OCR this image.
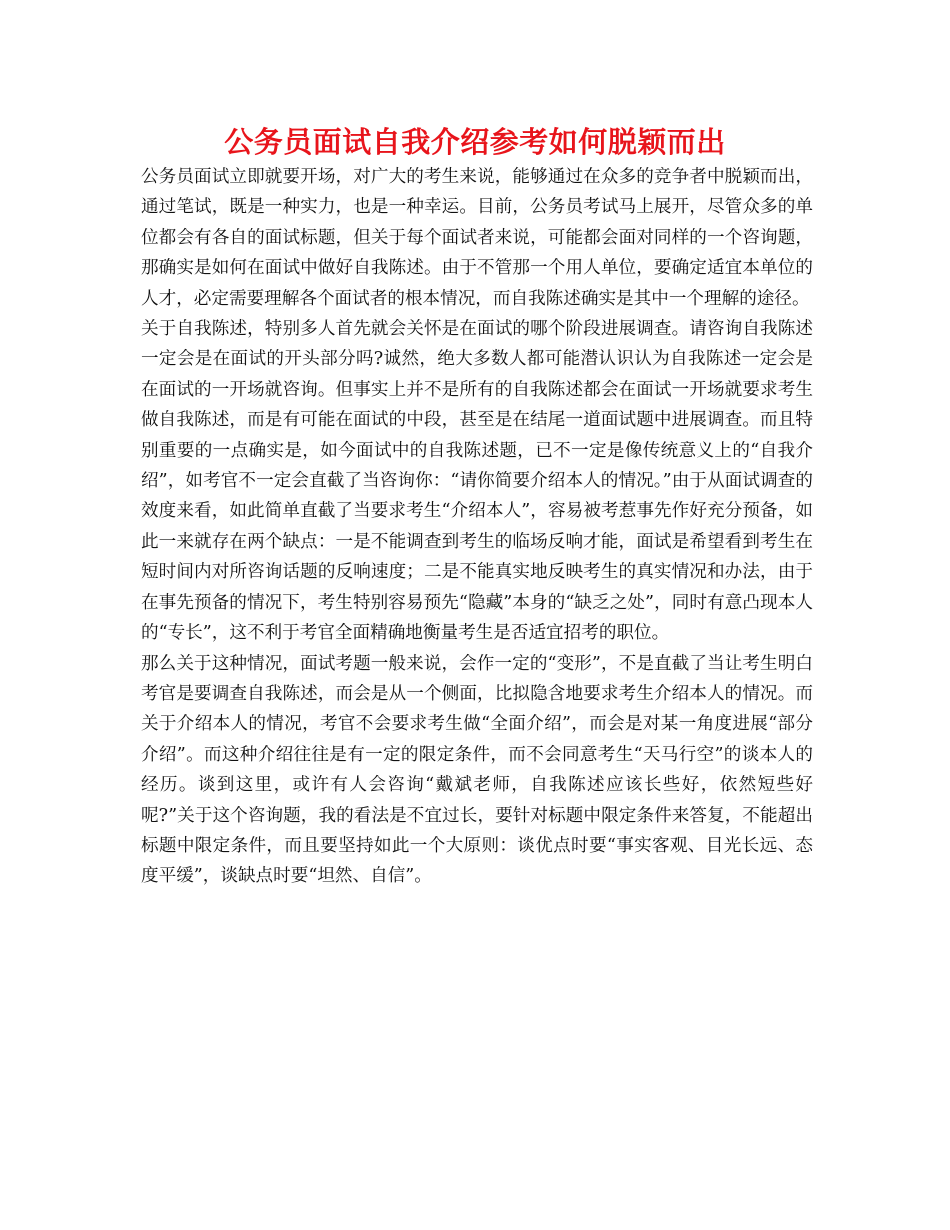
公务员面试自我介绍参考如何脱颖而出

公务员面试立即就要开场，对广大的考生来说，能够通过在众多的竞争者中脱颖而出，通过笔试，既是一种实力，也是一种幸运。目前，公务员考试马上展开，尽管众多的单位都会有各自的面试标题，但关于每个面试者来说，可能都会面对同样的一个咨询题，那确实是如何在面试中做好自我陈述。由于不管那一个用人单位，要确定适宜本单位的人才，必定需要理解各个面试者的根本情况，而自我陈述确实是其中一个理解的途径。

关于自我陈述，特别多人首先就会关怀是在面试的哪个阶段进展调查。请咨询自我陈述一定会是在面试的开头部分吗?诚然，绝大多数人都可能潜认识认为自我陈述一定会是在面试的一开场就咨询。但事实上并不是所有的自我陈述都会在面试一开场就要求考生做自我陈述，而是有可能在面试的中段，甚至是在结尾一道面试题中进展调查。而且特别重要的一点确实是，如今面试中的自我陈述题，已不一定是像传统意义上的“自我介绍”，如考官不一定会直截了当咨询你：“请你简要介绍本人的情况。”由于从面试调查的效度来看，如此简单直截了当要求考生“介绍本人”，容易被考惹事先作好充分预备，如此一来就存在两个缺点：一是不能调查到考生的临场反响才能，面试是希望看到考生在短时间内对所咨询话题的反响速度；二是不能真实地反映考生的真实情况和办法，由于在事先预备的情况下，考生特别容易预先“隐藏”本身的“缺乏之处”，同时有意凸现本人的“专长”，这不利于考官全面精确地衡量考生是否适宜招考的职位。

那么关于这种情况，面试考题一般来说，会作一定的“变形”，不是直截了当让考生明白考官是要调查自我陈述，而会是从一个侧面，比拟隐含地要求考生介绍本人的情况。而关于介绍本人的情况，考官不会要求考生做“全面介绍”，而会是对某一角度进展“部分介绍”。而这种介绍往往是有一定的限定条件，而不会同意考生“天马行空”的谈本人的经历。谈到这里，或许有人会咨询“戴斌老师，自我陈述应该长些好，依然短些好呢?”关于这个咨询题，我的看法是不宜过长，要针对标题中限定条件来答复，不能超出标题中限定条件，而且要坚持如此一个大原则：谈优点时要“事实客观、目光长远、态度平缓”，谈缺点时要“坦然、自信”。
